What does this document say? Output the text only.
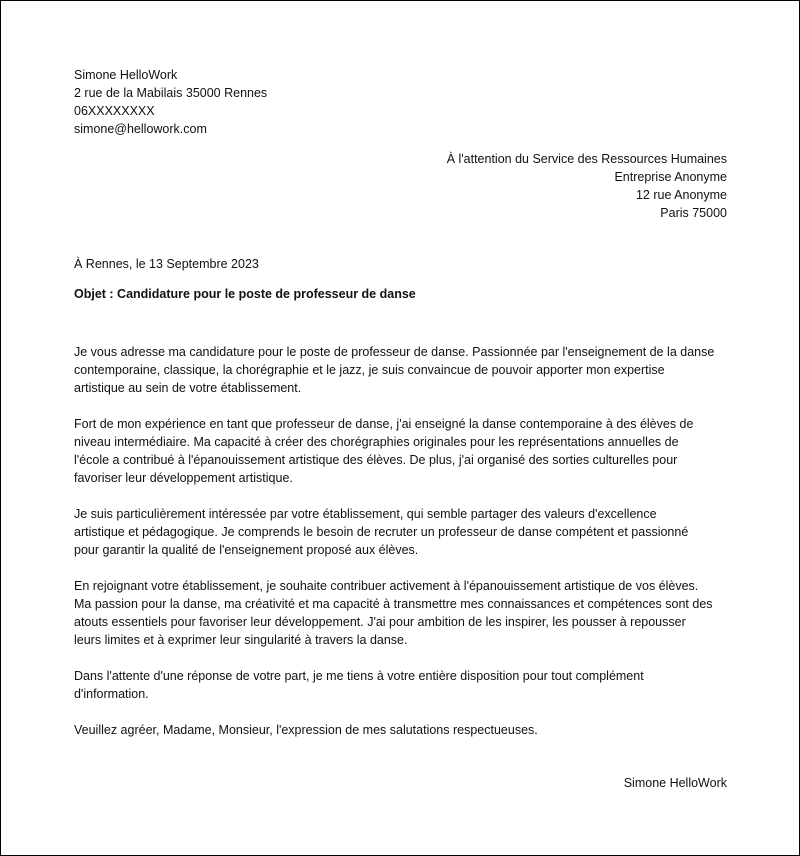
Simone HelloWork

2 rue de la Mabilais 35000 Rennes

06XXXXXXXX

simone@hellowork.com

À l'attention du Service des Ressources Humaines

Entreprise Anonyme

12 rue Anonyme

Paris 75000

À Rennes, le 13 Septembre 2023

Objet : Candidature pour le poste de professeur de danse

Je vous adresse ma candidature pour le poste de professeur de danse. Passionnée par l'enseignement de la danse

contemporaine, classique, la chorégraphie et le jazz, je suis convaincue de pouvoir apporter mon expertise

artistique au sein de votre établissement.

Fort de mon expérience en tant que professeur de danse, j'ai enseigné la danse contemporaine à des élèves de

niveau intermédiaire. Ma capacité à créer des chorégraphies originales pour les représentations annuelles de

l'école a contribué à l'épanouissement artistique des élèves. De plus, j'ai organisé des sorties culturelles pour

favoriser leur développement artistique.

Je suis particulièrement intéressée par votre établissement, qui semble partager des valeurs d'excellence

artistique et pédagogique. Je comprends le besoin de recruter un professeur de danse compétent et passionné

pour garantir la qualité de l'enseignement proposé aux élèves.

En rejoignant votre établissement, je souhaite contribuer activement à l'épanouissement artistique de vos élèves.

Ma passion pour la danse, ma créativité et ma capacité à transmettre mes connaissances et compétences sont des

atouts essentiels pour favoriser leur développement. J'ai pour ambition de les inspirer, les pousser à repousser

leurs limites et à exprimer leur singularité à travers la danse.

Dans l'attente d'une réponse de votre part, je me tiens à votre entière disposition pour tout complément

d'information.

Veuillez agréer, Madame, Monsieur, l'expression de mes salutations respectueuses.

Simone HelloWork
